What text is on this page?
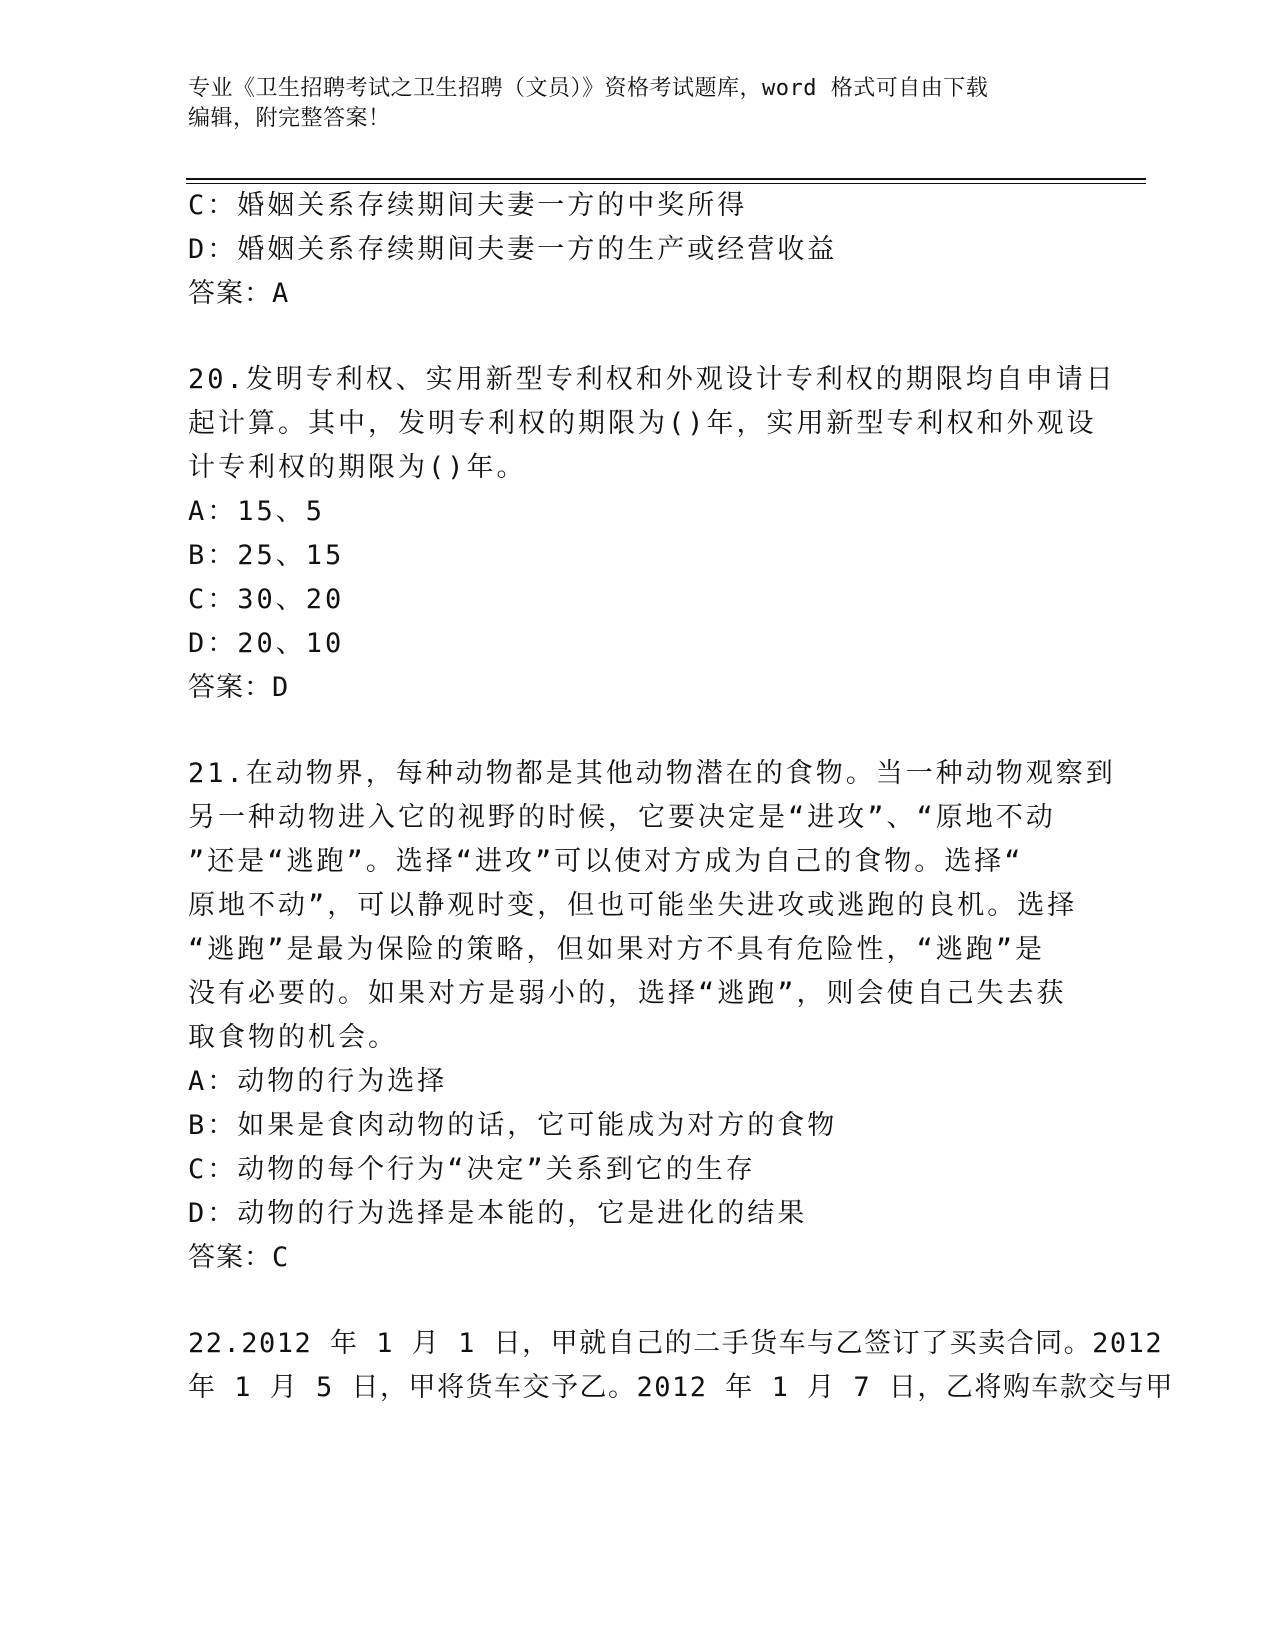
专业《卫生招聘考试之卫生招聘（文员）》资格考试题库，word 格式可自由下载
编辑，附完整答案！

C：婚姻关系存续期间夫妻一方的中奖所得

D：婚姻关系存续期间夫妻一方的生产或经营收益

答案：A

20.发明专利权、实用新型专利权和外观设计专利权的期限均自申请日

起计算。其中，发明专利权的期限为()年，实用新型专利权和外观设

计专利权的期限为()年。

A：15、5

B：25、15

C：30、20

D：20、10

答案：D

21.在动物界，每种动物都是其他动物潜在的食物。当一种动物观察到

另一种动物进入它的视野的时候，它要决定是“进攻”、“原地不动

”还是“逃跑”。选择“进攻”可以使对方成为自己的食物。选择“

原地不动”，可以静观时变，但也可能坐失进攻或逃跑的良机。选择

“逃跑”是最为保险的策略，但如果对方不具有危险性，“逃跑”是

没有必要的。如果对方是弱小的，选择“逃跑”，则会使自己失去获

取食物的机会。

A：动物的行为选择

B：如果是食肉动物的话，它可能成为对方的食物

C：动物的每个行为“决定”关系到它的生存

D：动物的行为选择是本能的，它是进化的结果

答案：C

22.2012 年 1 月 1 日，甲就自己的二手货车与乙签订了买卖合同。2012

年 1 月 5 日，甲将货车交予乙。2012 年 1 月 7 日，乙将购车款交与甲
